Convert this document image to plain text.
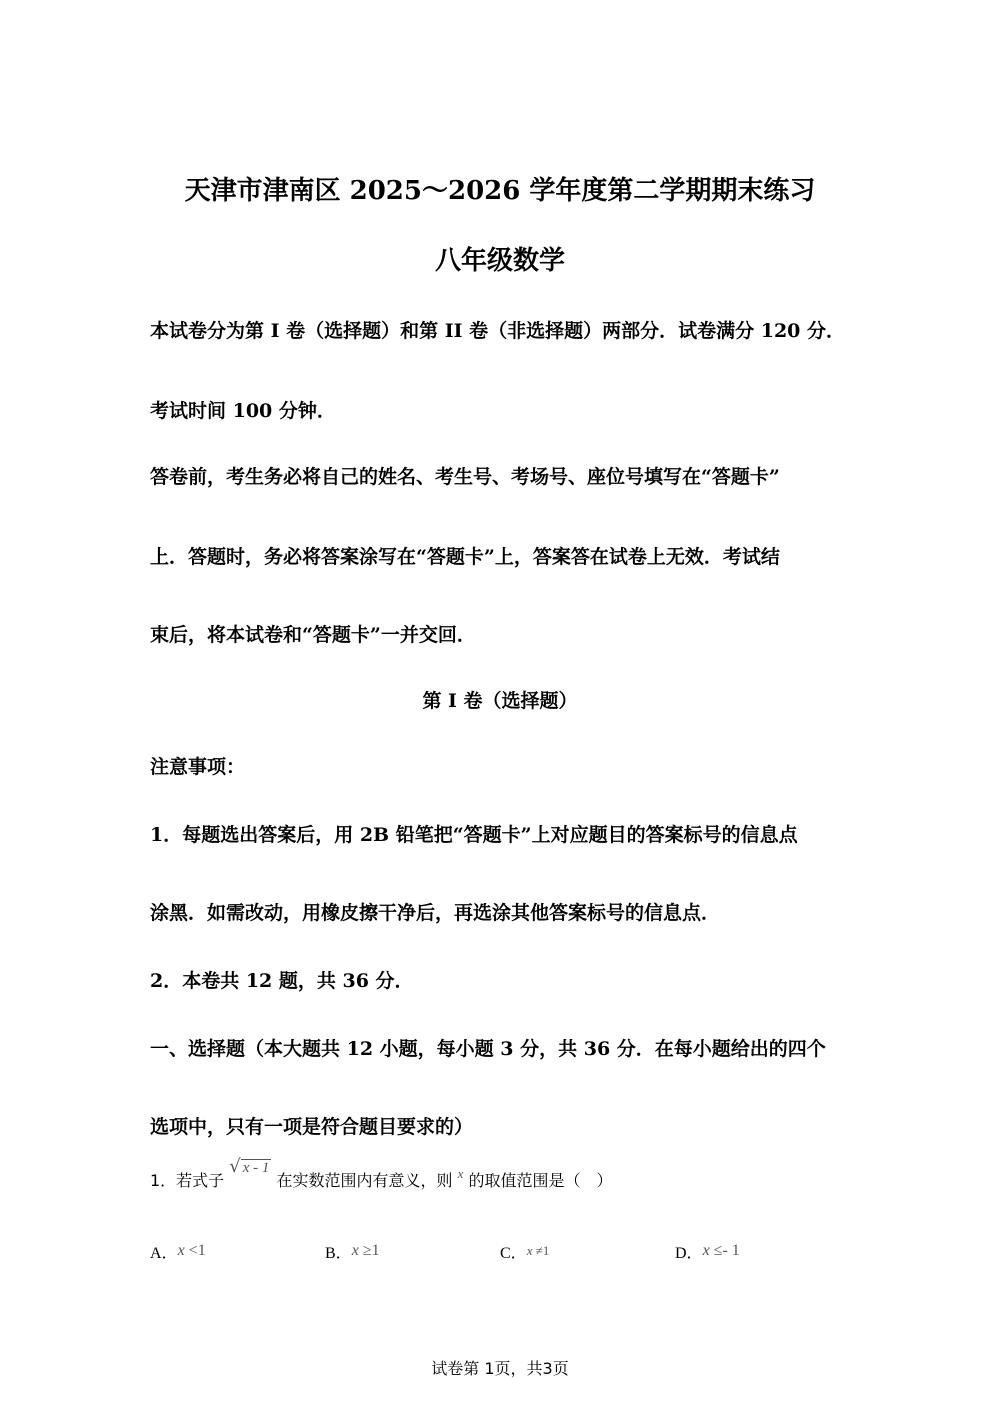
天津市津南区 2025～2026 学年度第二学期期末练习
八年级数学
本试卷分为第 I 卷（选择题）和第 II 卷（非选择题）两部分．试卷满分 120 分．
考试时间 100 分钟．
答卷前，考生务必将自己的姓名、考生号、考场号、座位号填写在“答题卡”
上．答题时，务必将答案涂写在“答题卡”上，答案答在试卷上无效．考试结
束后，将本试卷和“答题卡”一并交回．
第 I 卷（选择题）
注意事项：
1．每题选出答案后，用 2B 铅笔把“答题卡”上对应题目的答案标号的信息点
涂黑．如需改动，用橡皮擦干净后，再选涂其他答案标号的信息点．
2．本卷共 12 题，共 36 分．
一、选择题（本大题共 12 小题，每小题 3 分，共 36 分．在每小题给出的四个
选项中，只有一项是符合题目要求的）
1．若式子 √ x - 1 在实数范围内有意义，则 $^x$ 的取值范围是（　）
A．x <1	B．x ≥1	C．x ≠1	D．x ≤- 1
试卷第 1页，共3页
